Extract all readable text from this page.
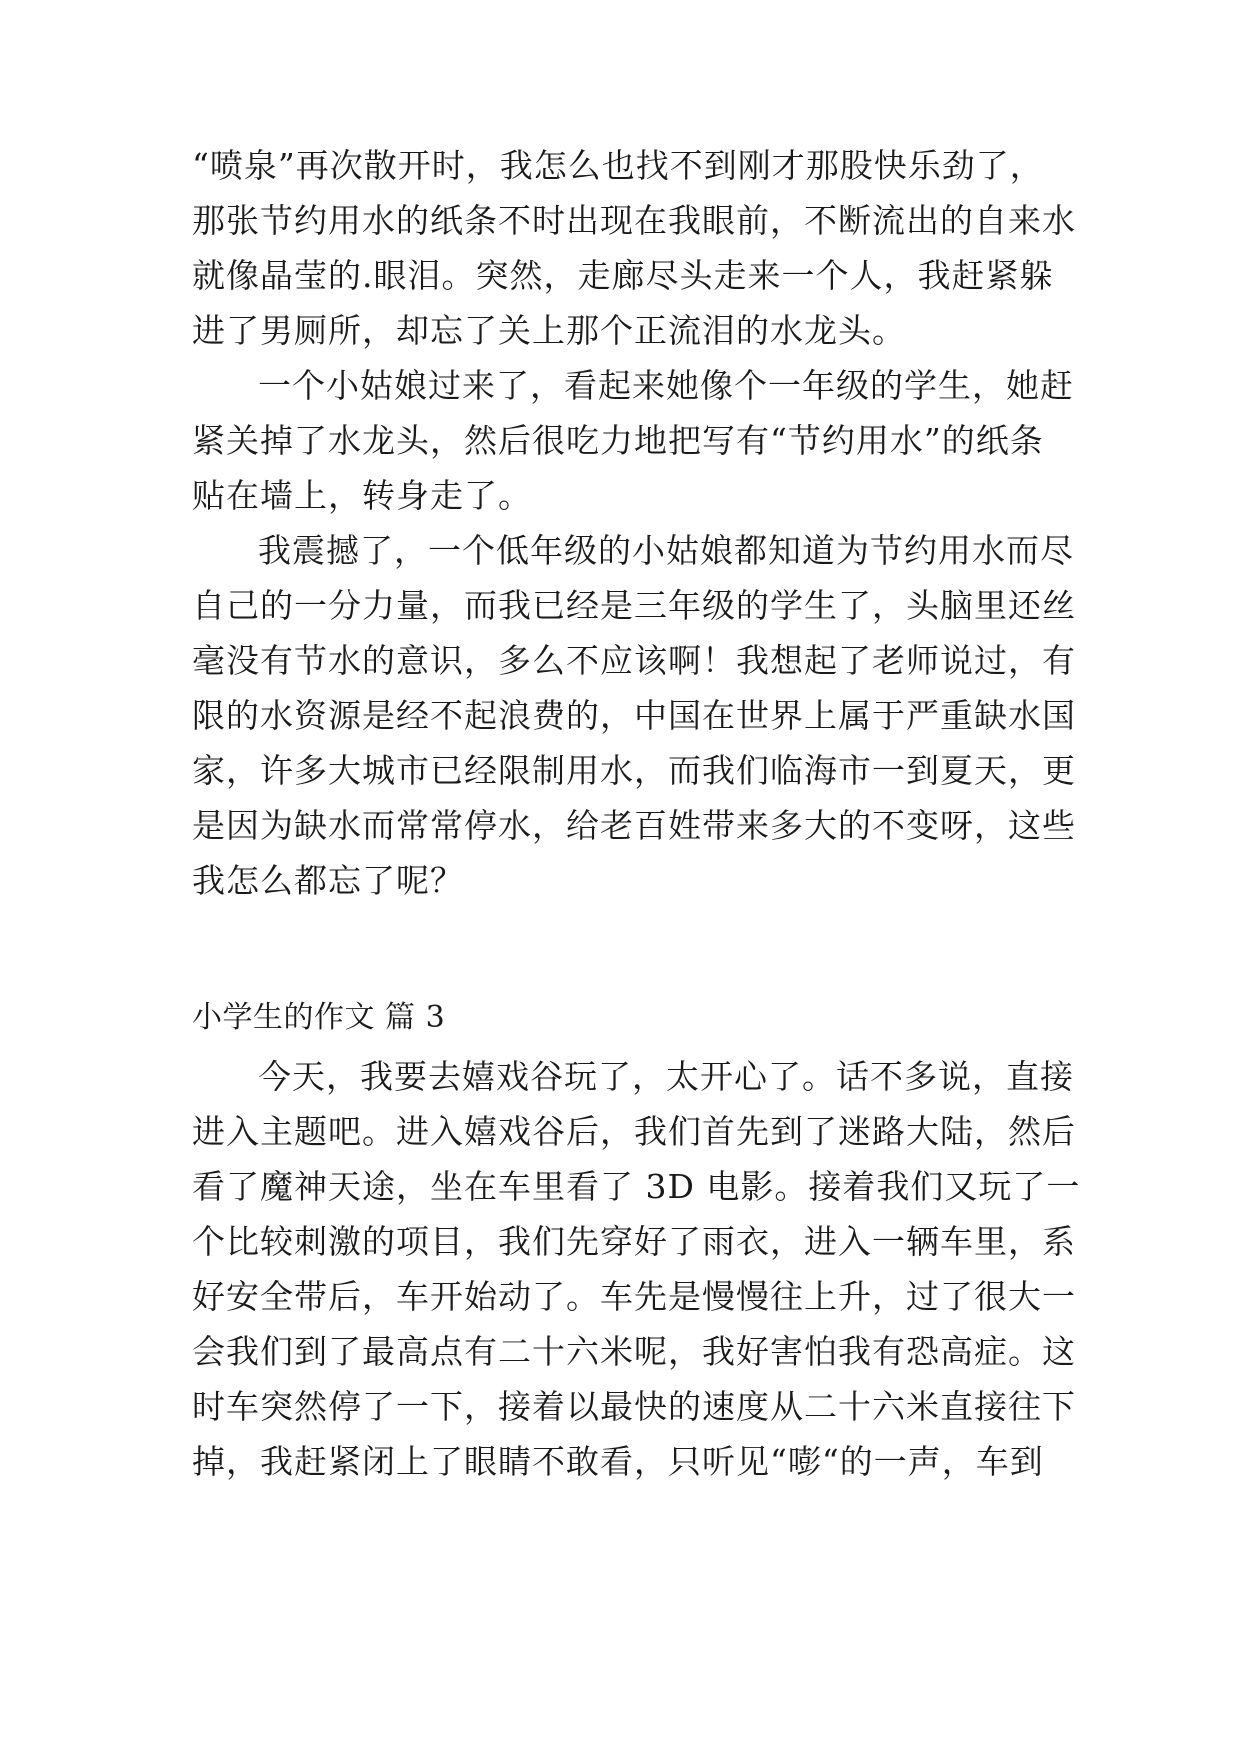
“喷泉”再次散开时，我怎么也找不到刚才那股快乐劲了，
那张节约用水的纸条不时出现在我眼前，不断流出的自来水
就像晶莹的.眼泪。突然，走廊尽头走来一个人，我赶紧躲
进了男厕所，却忘了关上那个正流泪的水龙头。
一个小姑娘过来了，看起来她像个一年级的学生，她赶
紧关掉了水龙头，然后很吃力地把写有“节约用水”的纸条
贴在墙上，转身走了。
我震撼了，一个低年级的小姑娘都知道为节约用水而尽
自己的一分力量，而我已经是三年级的学生了，头脑里还丝
毫没有节水的意识，多么不应该啊！我想起了老师说过，有
限的水资源是经不起浪费的，中国在世界上属于严重缺水国
家，许多大城市已经限制用水，而我们临海市一到夏天，更
是因为缺水而常常停水，给老百姓带来多大的不变呀，这些
我怎么都忘了呢？
小学生的作文 篇 3
今天，我要去嬉戏谷玩了，太开心了。话不多说，直接
进入主题吧。进入嬉戏谷后，我们首先到了迷路大陆，然后
看了魔神天途，坐在车里看了 3D 电影。接着我们又玩了一
个比较刺激的项目，我们先穿好了雨衣，进入一辆车里，系
好安全带后，车开始动了。车先是慢慢往上升，过了很大一
会我们到了最高点有二十六米呢，我好害怕我有恐高症。这
时车突然停了一下，接着以最快的速度从二十六米直接往下
掉，我赶紧闭上了眼睛不敢看，只听见“嘭“的一声，车到
